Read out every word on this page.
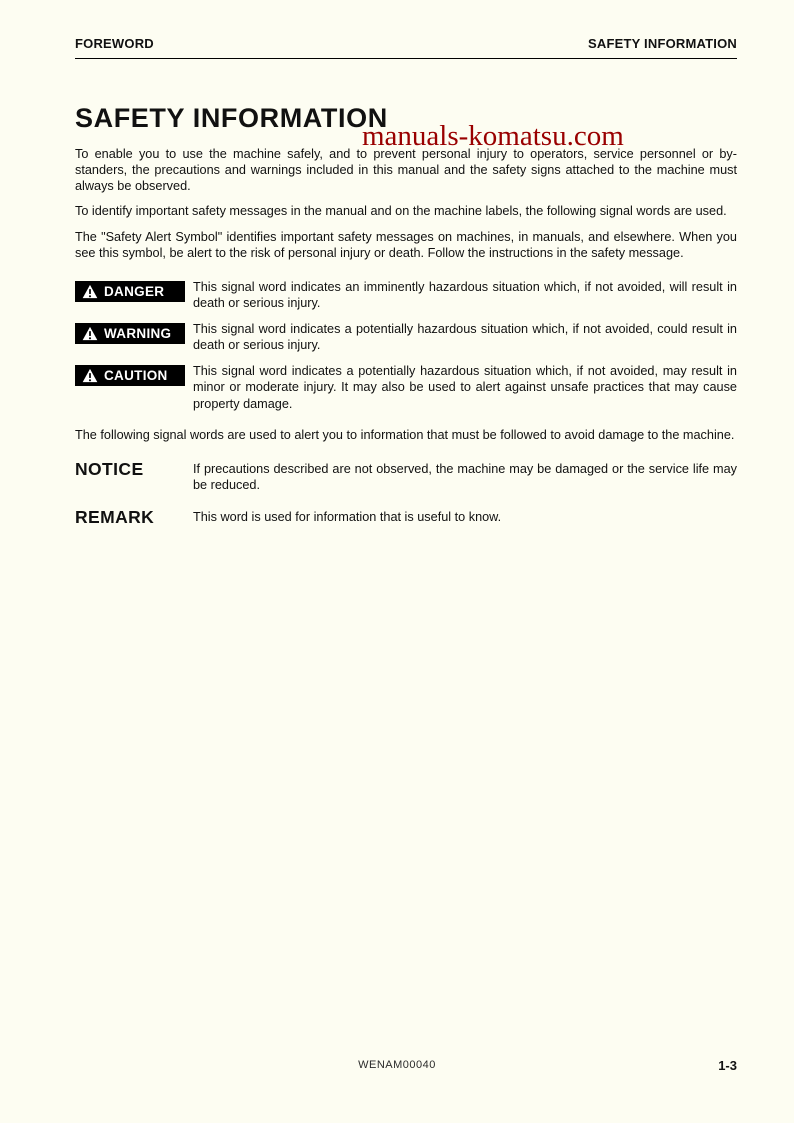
FOREWORD	SAFETY INFORMATION
manuals-komatsu.com
SAFETY INFORMATION

To enable you to use the machine safely, and to prevent personal injury to operators, service personnel or by-standers, the precautions and warnings included in this manual and the safety signs attached to the machine must always be observed.

To identify important safety messages in the manual and on the machine labels, the following signal words are used.

The "Safety Alert Symbol" identifies important safety messages on machines, in manuals, and elsewhere. When you see this symbol, be alert to the risk of personal injury or death. Follow the instructions in the safety message.

DANGER This signal word indicates an imminently hazardous situation which, if not avoided, will result in death or serious injury.

WARNING This signal word indicates a potentially hazardous situation which, if not avoided, could result in death or serious injury.

CAUTION This signal word indicates a potentially hazardous situation which, if not avoided, may result in minor or moderate injury. It may also be used to alert against unsafe practices that may cause property damage.

The following signal words are used to alert you to information that must be followed to avoid damage to the machine.

NOTICE	If precautions described are not observed, the machine may be damaged or the service life may be reduced.

REMARK	This word is used for information that is useful to know.

WENAM00040	1-3
